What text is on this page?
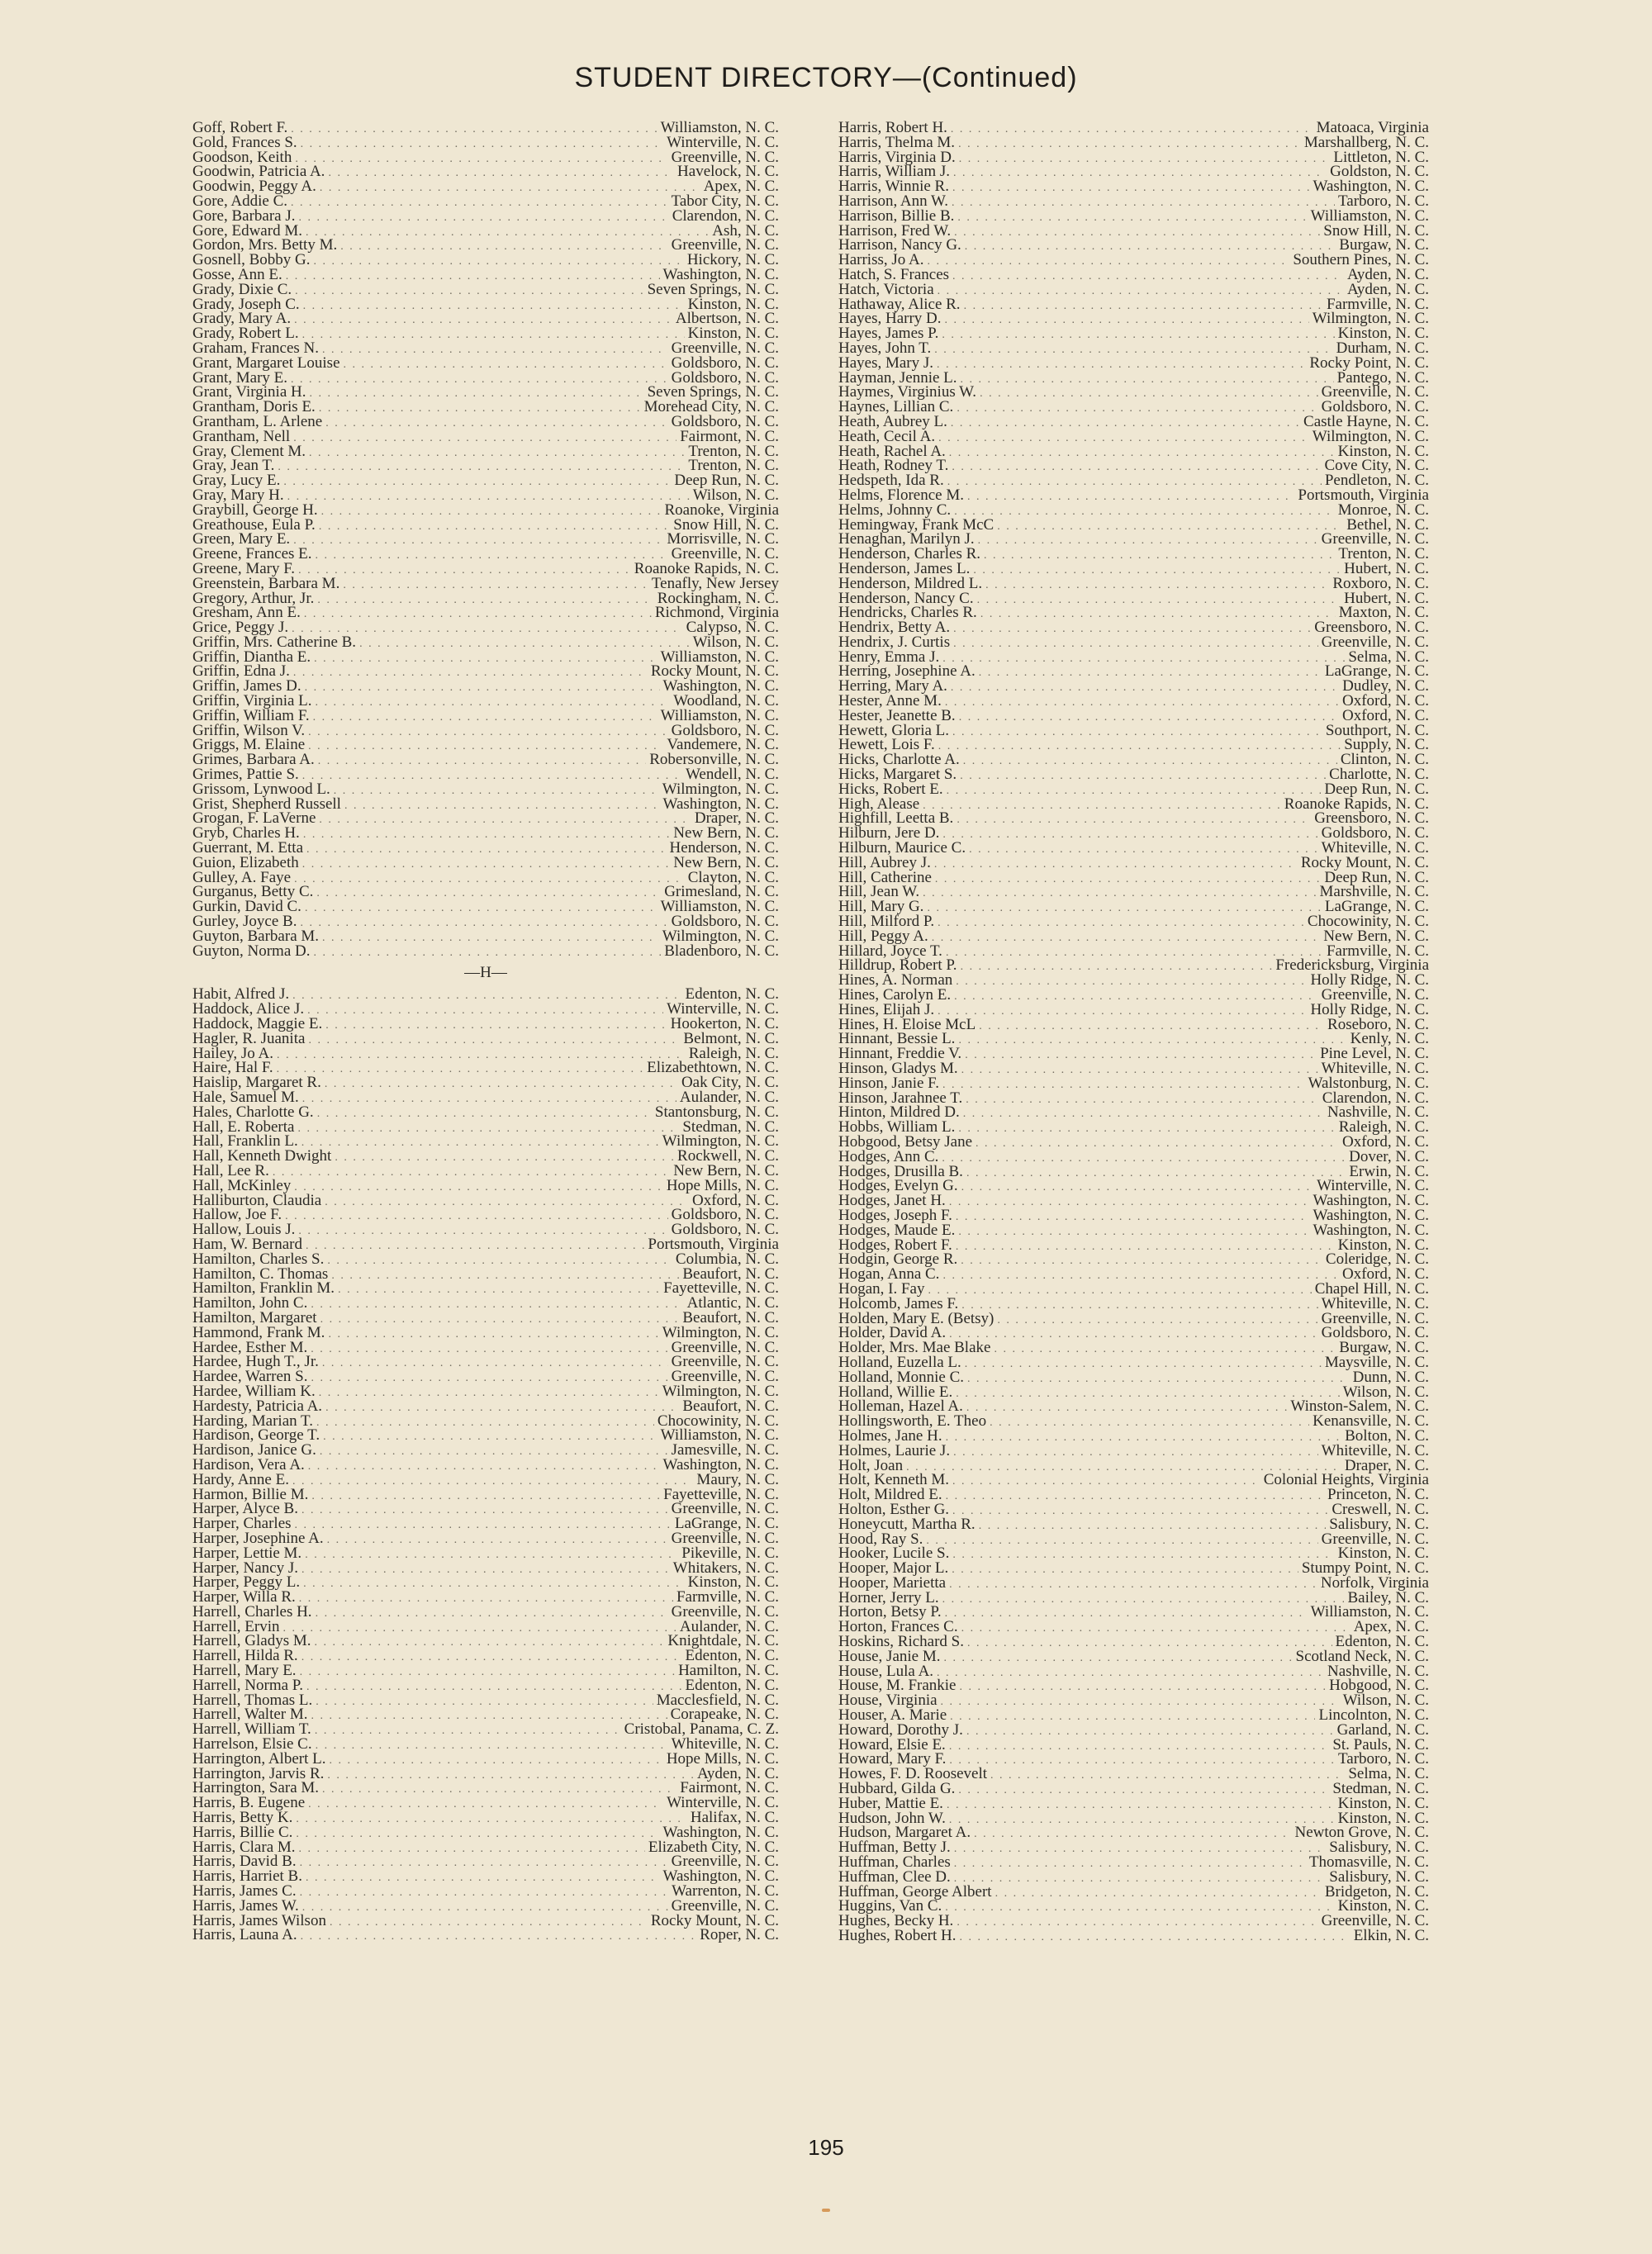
STUDENT DIRECTORY—(Continued)
Goff, Robert F. . . .	Williamston, N. C.
Gold, Frances S. . . .	Winterville, N. C.
Goodson, Keith . . .	Greenville, N. C.
Goodwin, Patricia A. . . .	Havelock, N. C.
Goodwin, Peggy A. . . .	Apex, N. C.
Gore, Addie C. . . .	Tabor City, N. C.
Gore, Barbara J. . . .	Clarendon, N. C.
Gore, Edward M. . . .	Ash, N. C.
Gordon, Mrs. Betty M. . . .	Greenville, N. C.
Gosnell, Bobby G. . . .	Hickory, N. C.
Gosse, Ann E. . . .	Washington, N. C.
Grady, Dixie C. . . .	Seven Springs, N. C.
Grady, Joseph C. . . .	Kinston, N. C.
Grady, Mary A. . . .	Albertson, N. C.
Grady, Robert L. . . .	Kinston, N. C.
Graham, Frances N. . . .	Greenville, N. C.
Grant, Margaret Louise . . .	Goldsboro, N. C.
Grant, Mary E. . . .	Goldsboro, N. C.
Grant, Virginia H. . . .	Seven Springs, N. C.
Grantham, Doris E. . . .	Morehead City, N. C.
Grantham, L. Arlene . . .	Goldsboro, N. C.
Grantham, Nell . . .	Fairmont, N. C.
Gray, Clement M. . . .	Trenton, N. C.
Gray, Jean T. . . .	Trenton, N. C.
Gray, Lucy E. . . .	Deep Run, N. C.
Gray, Mary H. . . .	Wilson, N. C.
Graybill, George H. . . .	Roanoke, Virginia
Greathouse, Eula P. . . .	Snow Hill, N. C.
Green, Mary E. . . .	Morrisville, N. C.
Greene, Frances E. . . .	Greenville, N. C.
Greene, Mary F. . . .	Roanoke Rapids, N. C.
Greenstein, Barbara M. . . .	Tenafly, New Jersey
Gregory, Arthur, Jr. . . .	Rockingham, N. C.
Gresham, Ann E. . . .	Richmond, Virginia
Grice, Peggy J. . . .	Calypso, N. C.
Griffin, Mrs. Catherine B. . . .	Wilson, N. C.
Griffin, Diantha E. . . .	Williamston, N. C.
Griffin, Edna J. . . .	Rocky Mount, N. C.
Griffin, James D. . . .	Washington, N. C.
Griffin, Virginia L. . . .	Woodland, N. C.
Griffin, William F. . . .	Williamston, N. C.
Griffin, Wilson V. . . .	Goldsboro, N. C.
Griggs, M. Elaine . . .	Vandemere, N. C.
Grimes, Barbara A. . . .	Robersonville, N. C.
Grimes, Pattie S. . . .	Wendell, N. C.
Grissom, Lynwood L. . . .	Wilmington, N. C.
Grist, Shepherd Russell . . .	Washington, N. C.
Grogan, F. LaVerne . . .	Draper, N. C.
Gryb, Charles H. . . .	New Bern, N. C.
Guerrant, M. Etta . . .	Henderson, N. C.
Guion, Elizabeth . . .	New Bern, N. C.
Gulley, A. Faye . . .	Clayton, N. C.
Gurganus, Betty C. . . .	Grimesland, N. C.
Gurkin, David C. . . .	Williamston, N. C.
Gurley, Joyce B. . . .	Goldsboro, N. C.
Guyton, Barbara M. . . .	Wilmington, N. C.
Guyton, Norma D. . . .	Bladenboro, N. C.
—H—
Habit, Alfred J. . . .	Edenton, N. C.
Haddock, Alice J. . . .	Winterville, N. C.
Haddock, Maggie E. . . .	Hookerton, N. C.
Hagler, R. Juanita . . .	Belmont, N. C.
Hailey, Jo A. . . .	Raleigh, N. C.
Haire, Hal F. . . .	Elizabethtown, N. C.
Haislip, Margaret R. . . .	Oak City, N. C.
Hale, Samuel M. . . .	Aulander, N. C.
Hales, Charlotte G. . . .	Stantonsburg, N. C.
Hall, E. Roberta . . .	Stedman, N. C.
Hall, Franklin L. . . .	Wilmington, N. C.
Hall, Kenneth Dwight . . .	Rockwell, N. C.
Hall, Lee R. . . .	New Bern, N. C.
Hall, McKinley . . .	Hope Mills, N. C.
Halliburton, Claudia . . .	Oxford, N. C.
Hallow, Joe F. . . .	Goldsboro, N. C.
Hallow, Louis J. . . .	Goldsboro, N. C.
Ham, W. Bernard . . .	Portsmouth, Virginia
Hamilton, Charles S. . . .	Columbia, N. C.
Hamilton, C. Thomas . . .	Beaufort, N. C.
Hamilton, Franklin M. . . .	Fayetteville, N. C.
Hamilton, John C. . . .	Atlantic, N. C.
Hamilton, Margaret . . .	Beaufort, N. C.
Hammond, Frank M. . . .	Wilmington, N. C.
Hardee, Esther M. . . .	Greenville, N. C.
Hardee, Hugh T., Jr. . . .	Greenville, N. C.
Hardee, Warren S. . . .	Greenville, N. C.
Hardee, William K. . . .	Wilmington, N. C.
Hardesty, Patricia A. . . .	Beaufort, N. C.
Harding, Marian T. . . .	Chocowinity, N. C.
Hardison, George T. . . .	Williamston, N. C.
Hardison, Janice G. . . .	Jamesville, N. C.
Hardison, Vera A. . . .	Washington, N. C.
Hardy, Anne E. . . .	Maury, N. C.
Harmon, Billie M. . . .	Fayetteville, N. C.
Harper, Alyce B. . . .	Greenville, N. C.
Harper, Charles . . .	LaGrange, N. C.
Harper, Josephine A. . . .	Greenville, N. C.
Harper, Lettie M. . . .	Pikeville, N. C.
Harper, Nancy J. . . .	Whitakers, N. C.
Harper, Peggy L. . . .	Kinston, N. C.
Harper, Willa R. . . .	Farmville, N. C.
Harrell, Charles H. . . .	Greenville, N. C.
Harrell, Ervin . . .	Aulander, N. C.
Harrell, Gladys M. . . .	Knightdale, N. C.
Harrell, Hilda R. . . .	Edenton, N. C.
Harrell, Mary E. . . .	Hamilton, N. C.
Harrell, Norma P. . . .	Edenton, N. C.
Harrell, Thomas L. . . .	Macclesfield, N. C.
Harrell, Walter M. . . .	Corapeake, N. C.
Harrell, William T. . . .	Cristobal, Panama, C. Z.
Harrelson, Elsie C. . . .	Whiteville, N. C.
Harrington, Albert L. . . .	Hope Mills, N. C.
Harrington, Jarvis R. . . .	Ayden, N. C.
Harrington, Sara M. . . .	Fairmont, N. C.
Harris, B. Eugene . . .	Winterville, N. C.
Harris, Betty K. . . .	Halifax, N. C.
Harris, Billie C. . . .	Washington, N. C.
Harris, Clara M. . . .	Elizabeth City, N. C.
Harris, David B. . . .	Greenville, N. C.
Harris, Harriet B. . . .	Washington, N. C.
Harris, James C. . . .	Warrenton, N. C.
Harris, James W. . . .	Greenville, N. C.
Harris, James Wilson . . .	Rocky Mount, N. C.
Harris, Launa A. . . .	Roper, N. C.
Harris, Robert H. . . .	Matoaca, Virginia
Harris, Thelma M. . . .	Marshallberg, N. C.
Harris, Virginia D. . . .	Littleton, N. C.
Harris, William J. . . .	Goldston, N. C.
Harris, Winnie R. . . .	Washington, N. C.
Harrison, Ann W. . . .	Tarboro, N. C.
Harrison, Billie B. . . .	Williamston, N. C.
Harrison, Fred W. . . .	Snow Hill, N. C.
Harrison, Nancy G. . . .	Burgaw, N. C.
Harriss, Jo A. . . .	Southern Pines, N. C.
Hatch, S. Frances . . .	Ayden, N. C.
Hatch, Victoria . . .	Ayden, N. C.
Hathaway, Alice R. . . .	Farmville, N. C.
Hayes, Harry D. . . .	Wilmington, N. C.
Hayes, James P. . . .	Kinston, N. C.
Hayes, John T. . . .	Durham, N. C.
Hayes, Mary J. . . .	Rocky Point, N. C.
Hayman, Jennie L. . . .	Pantego, N. C.
Haymes, Virginius W. . . .	Greenville, N. C.
Haynes, Lillian C. . . .	Goldsboro, N. C.
Heath, Aubrey L. . . .	Castle Hayne, N. C.
Heath, Cecil A. . . .	Wilmington, N. C.
Heath, Rachel A. . . .	Kinston, N. C.
Heath, Rodney T. . . .	Cove City, N. C.
Hedspeth, Ida R. . . .	Pendleton, N. C.
Helms, Florence M. . . .	Portsmouth, Virginia
Helms, Johnny C. . . .	Monroe, N. C.
Hemingway, Frank McC . . .	Bethel, N. C.
Henaghan, Marilyn J. . . .	Greenville, N. C.
Henderson, Charles R. . . .	Trenton, N. C.
Henderson, James L. . . .	Hubert, N. C.
Henderson, Mildred L. . . .	Roxboro, N. C.
Henderson, Nancy C. . . .	Hubert, N. C.
Hendricks, Charles R. . . .	Maxton, N. C.
Hendrix, Betty A. . . .	Greensboro, N. C.
Hendrix, J. Curtis . . .	Greenville, N. C.
Henry, Emma J. . . .	Selma, N. C.
Herring, Josephine A. . . .	LaGrange, N. C.
Herring, Mary A. . . .	Dudley, N. C.
Hester, Anne M. . . .	Oxford, N. C.
Hester, Jeanette B. . . .	Oxford, N. C.
Hewett, Gloria L. . . .	Southport, N. C.
Hewett, Lois F. . . .	Supply, N. C.
Hicks, Charlotte A. . . .	Clinton, N. C.
Hicks, Margaret S. . . .	Charlotte, N. C.
Hicks, Robert E. . . .	Deep Run, N. C.
High, Alease . . .	Roanoke Rapids, N. C.
Highfill, Leetta B. . . .	Greensboro, N. C.
Hilburn, Jere D. . . .	Goldsboro, N. C.
Hilburn, Maurice C. . . .	Whiteville, N. C.
Hill, Aubrey J. . . .	Rocky Mount, N. C.
Hill, Catherine . . .	Deep Run, N. C.
Hill, Jean W. . . .	Marshville, N. C.
Hill, Mary G. . . .	LaGrange, N. C.
Hill, Milford P. . . .	Chocowinity, N. C.
Hill, Peggy A. . . .	New Bern, N. C.
Hillard, Joyce T. . . .	Farmville, N. C.
Hilldrup, Robert P. . . .	Fredericksburg, Virginia
Hines, A. Norman . . .	Holly Ridge, N. C.
Hines, Carolyn E. . . .	Greenville, N. C.
Hines, Elijah J. . . .	Holly Ridge, N. C.
Hines, H. Eloise McL . . .	Roseboro, N. C.
Hinnant, Bessie L. . . .	Kenly, N. C.
Hinnant, Freddie V. . . .	Pine Level, N. C.
Hinson, Gladys M. . . .	Whiteville, N. C.
Hinson, Janie F. . . .	Walstonburg, N. C.
Hinson, Jarahnee T. . . .	Clarendon, N. C.
Hinton, Mildred D. . . .	Nashville, N. C.
Hobbs, William L. . . .	Raleigh, N. C.
Hobgood, Betsy Jane . . .	Oxford, N. C.
Hodges, Ann C. . . .	Dover, N. C.
Hodges, Drusilla B. . . .	Erwin, N. C.
Hodges, Evelyn G. . . .	Winterville, N. C.
Hodges, Janet H. . . .	Washington, N. C.
Hodges, Joseph F. . . .	Washington, N. C.
Hodges, Maude E. . . .	Washington, N. C.
Hodges, Robert F. . . .	Kinston, N. C.
Hodgin, George R. . . .	Coleridge, N. C.
Hogan, Anna C. . . .	Oxford, N. C.
Hogan, I. Fay . . .	Chapel Hill, N. C.
Holcomb, James F. . . .	Whiteville, N. C.
Holden, Mary E. (Betsy) . . .	Greenville, N. C.
Holder, David A. . . .	Goldsboro, N. C.
Holder, Mrs. Mae Blake . . .	Burgaw, N. C.
Holland, Euzella L. . . .	Maysville, N. C.
Holland, Monnie C. . . .	Dunn, N. C.
Holland, Willie E. . . .	Wilson, N. C.
Holleman, Hazel A. . . .	Winston-Salem, N. C.
Hollingsworth, E. Theo . . .	Kenansville, N. C.
Holmes, Jane H. . . .	Bolton, N. C.
Holmes, Laurie J. . . .	Whiteville, N. C.
Holt, Joan . . .	Draper, N. C.
Holt, Kenneth M. . . .	Colonial Heights, Virginia
Holt, Mildred E. . . .	Princeton, N. C.
Holton, Esther G. . . .	Creswell, N. C.
Honeycutt, Martha R. . . .	Salisbury, N. C.
Hood, Ray S. . . .	Greenville, N. C.
Hooker, Lucile S. . . .	Kinston, N. C.
Hooper, Major L. . . .	Stumpy Point, N. C.
Hooper, Marietta . . .	Norfolk, Virginia
Horner, Jerry L. . . .	Bailey, N. C.
Horton, Betsy P. . . .	Williamston, N. C.
Horton, Frances C. . . .	Apex, N. C.
Hoskins, Richard S. . . .	Edenton, N. C.
House, Janie M. . . .	Scotland Neck, N. C.
House, Lula A. . . .	Nashville, N. C.
House, M. Frankie . . .	Hobgood, N. C.
House, Virginia . . .	Wilson, N. C.
Houser, A. Marie . . .	Lincolnton, N. C.
Howard, Dorothy J. . . .	Garland, N. C.
Howard, Elsie E. . . .	St. Pauls, N. C.
Howard, Mary F. . . .	Tarboro, N. C.
Howes, F. D. Roosevelt . . .	Selma, N. C.
Hubbard, Gilda G. . . .	Stedman, N. C.
Huber, Mattie E. . . .	Kinston, N. C.
Hudson, John W. . . .	Kinston, N. C.
Hudson, Margaret A. . . .	Newton Grove, N. C.
Huffman, Betty J. . . .	Salisbury, N. C.
Huffman, Charles . . .	Thomasville, N. C.
Huffman, Clee D. . . .	Salisbury, N. C.
Huffman, George Albert . . .	Bridgeton, N. C.
Huggins, Van C. . . .	Kinston, N. C.
Hughes, Becky H. . . .	Greenville, N. C.
Hughes, Robert H. . . .	Elkin, N. C.
195
